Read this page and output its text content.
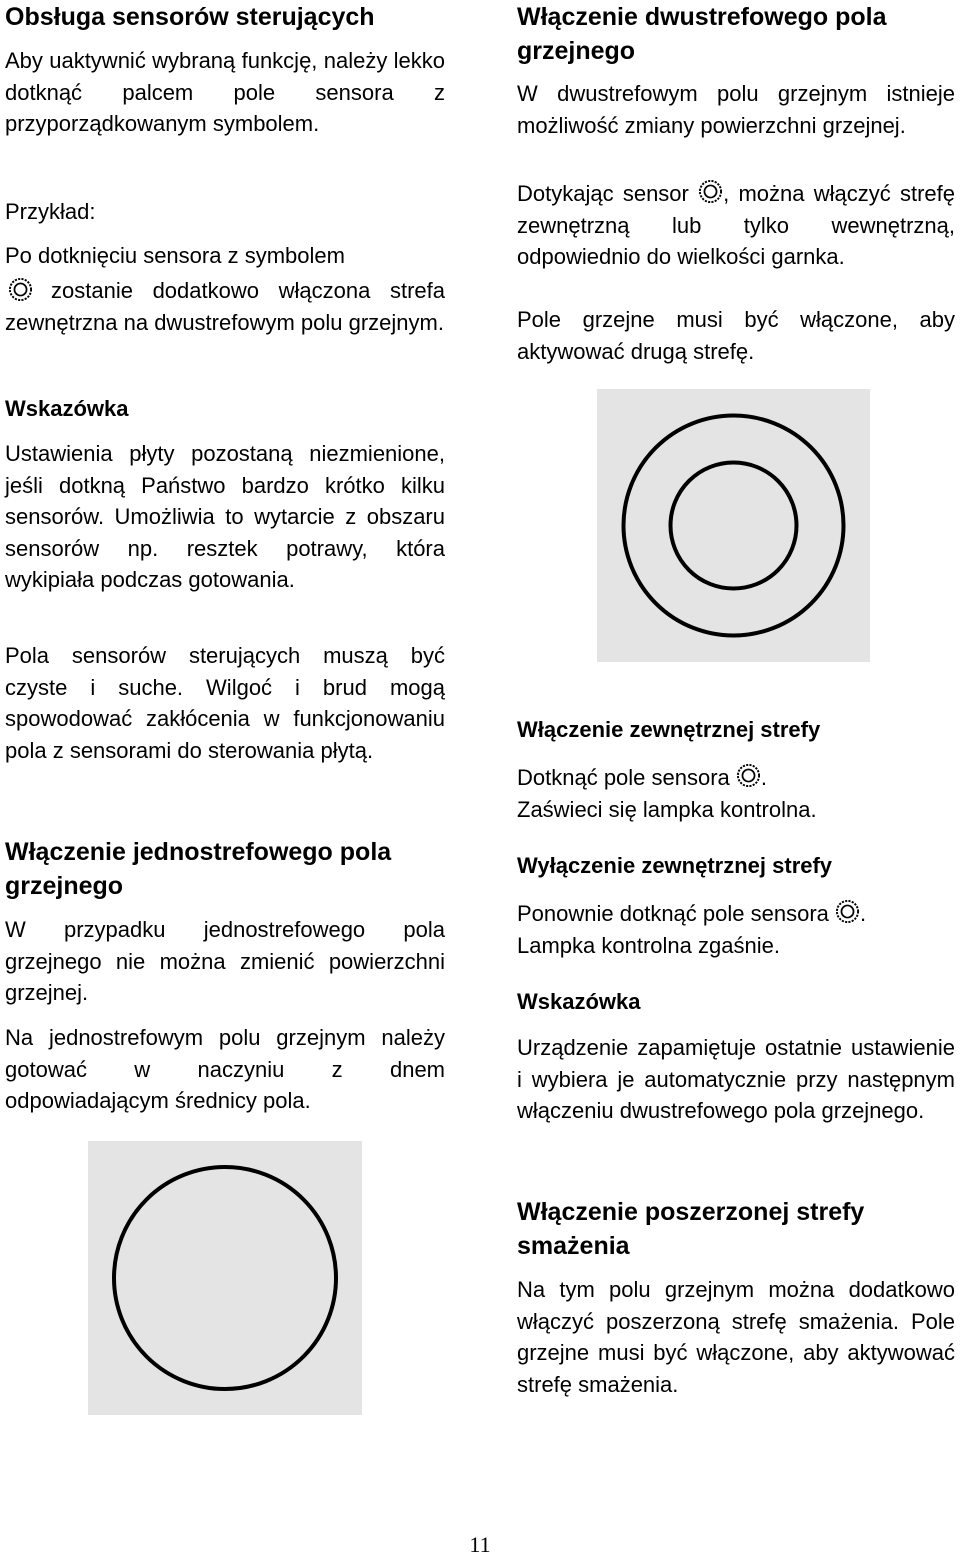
Obsługa sensorów sterujących

Aby uaktywnić wybraną funkcję, należy lekko dotknąć palcem pole sensora z przyporządkowanym symbolem.

Przykład:

Po dotknięciu sensora z symbolem

zostanie dodatkowo włączona strefa zewnętrzna na dwustrefowym polu grzejnym.

Wskazówka

Ustawienia płyty pozostaną niezmienione, jeśli dotkną Państwo bardzo krótko kilku sensorów. Umożliwia to wytarcie z obszaru sensorów np. resztek potrawy, która wykipiała podczas gotowania.

Pola sensorów sterujących muszą być czyste i suche. Wilgoć i brud mogą spowodować zakłócenia w funkcjonowaniu pola z sensorami do sterowania płytą.

Włączenie jednostrefowego pola grzejnego

W przypadku jednostrefowego pola grzejnego nie można zmienić powierzchni grzejnej.

Na jednostrefowym polu grzejnym należy gotować w naczyniu z dnem odpowiadającym średnicy pola.

Włączenie dwustrefowego pola grzejnego

W dwustrefowym polu grzejnym istnieje możliwość zmiany powierzchni grzejnej.

Dotykając sensor , można włączyć strefę zewnętrzną lub tylko wewnętrzną, odpowiednio do wielkości garnka.

Pole grzejne musi być włączone, aby aktywować drugą strefę.

Włączenie zewnętrznej strefy

Dotknąć pole sensora .

Zaświeci się lampka kontrolna.

Wyłączenie zewnętrznej strefy

Ponownie dotknąć pole sensora .

Lampka kontrolna zgaśnie.

Wskazówka

Urządzenie zapamiętuje ostatnie ustawienie i wybiera je automatycznie przy następnym włączeniu dwustrefowego pola grzejnego.

Włączenie poszerzonej strefy smażenia

Na tym polu grzejnym można dodatkowo włączyć poszerzoną strefę smażenia. Pole grzejne musi być włączone, aby aktywować strefę smażenia.

11
